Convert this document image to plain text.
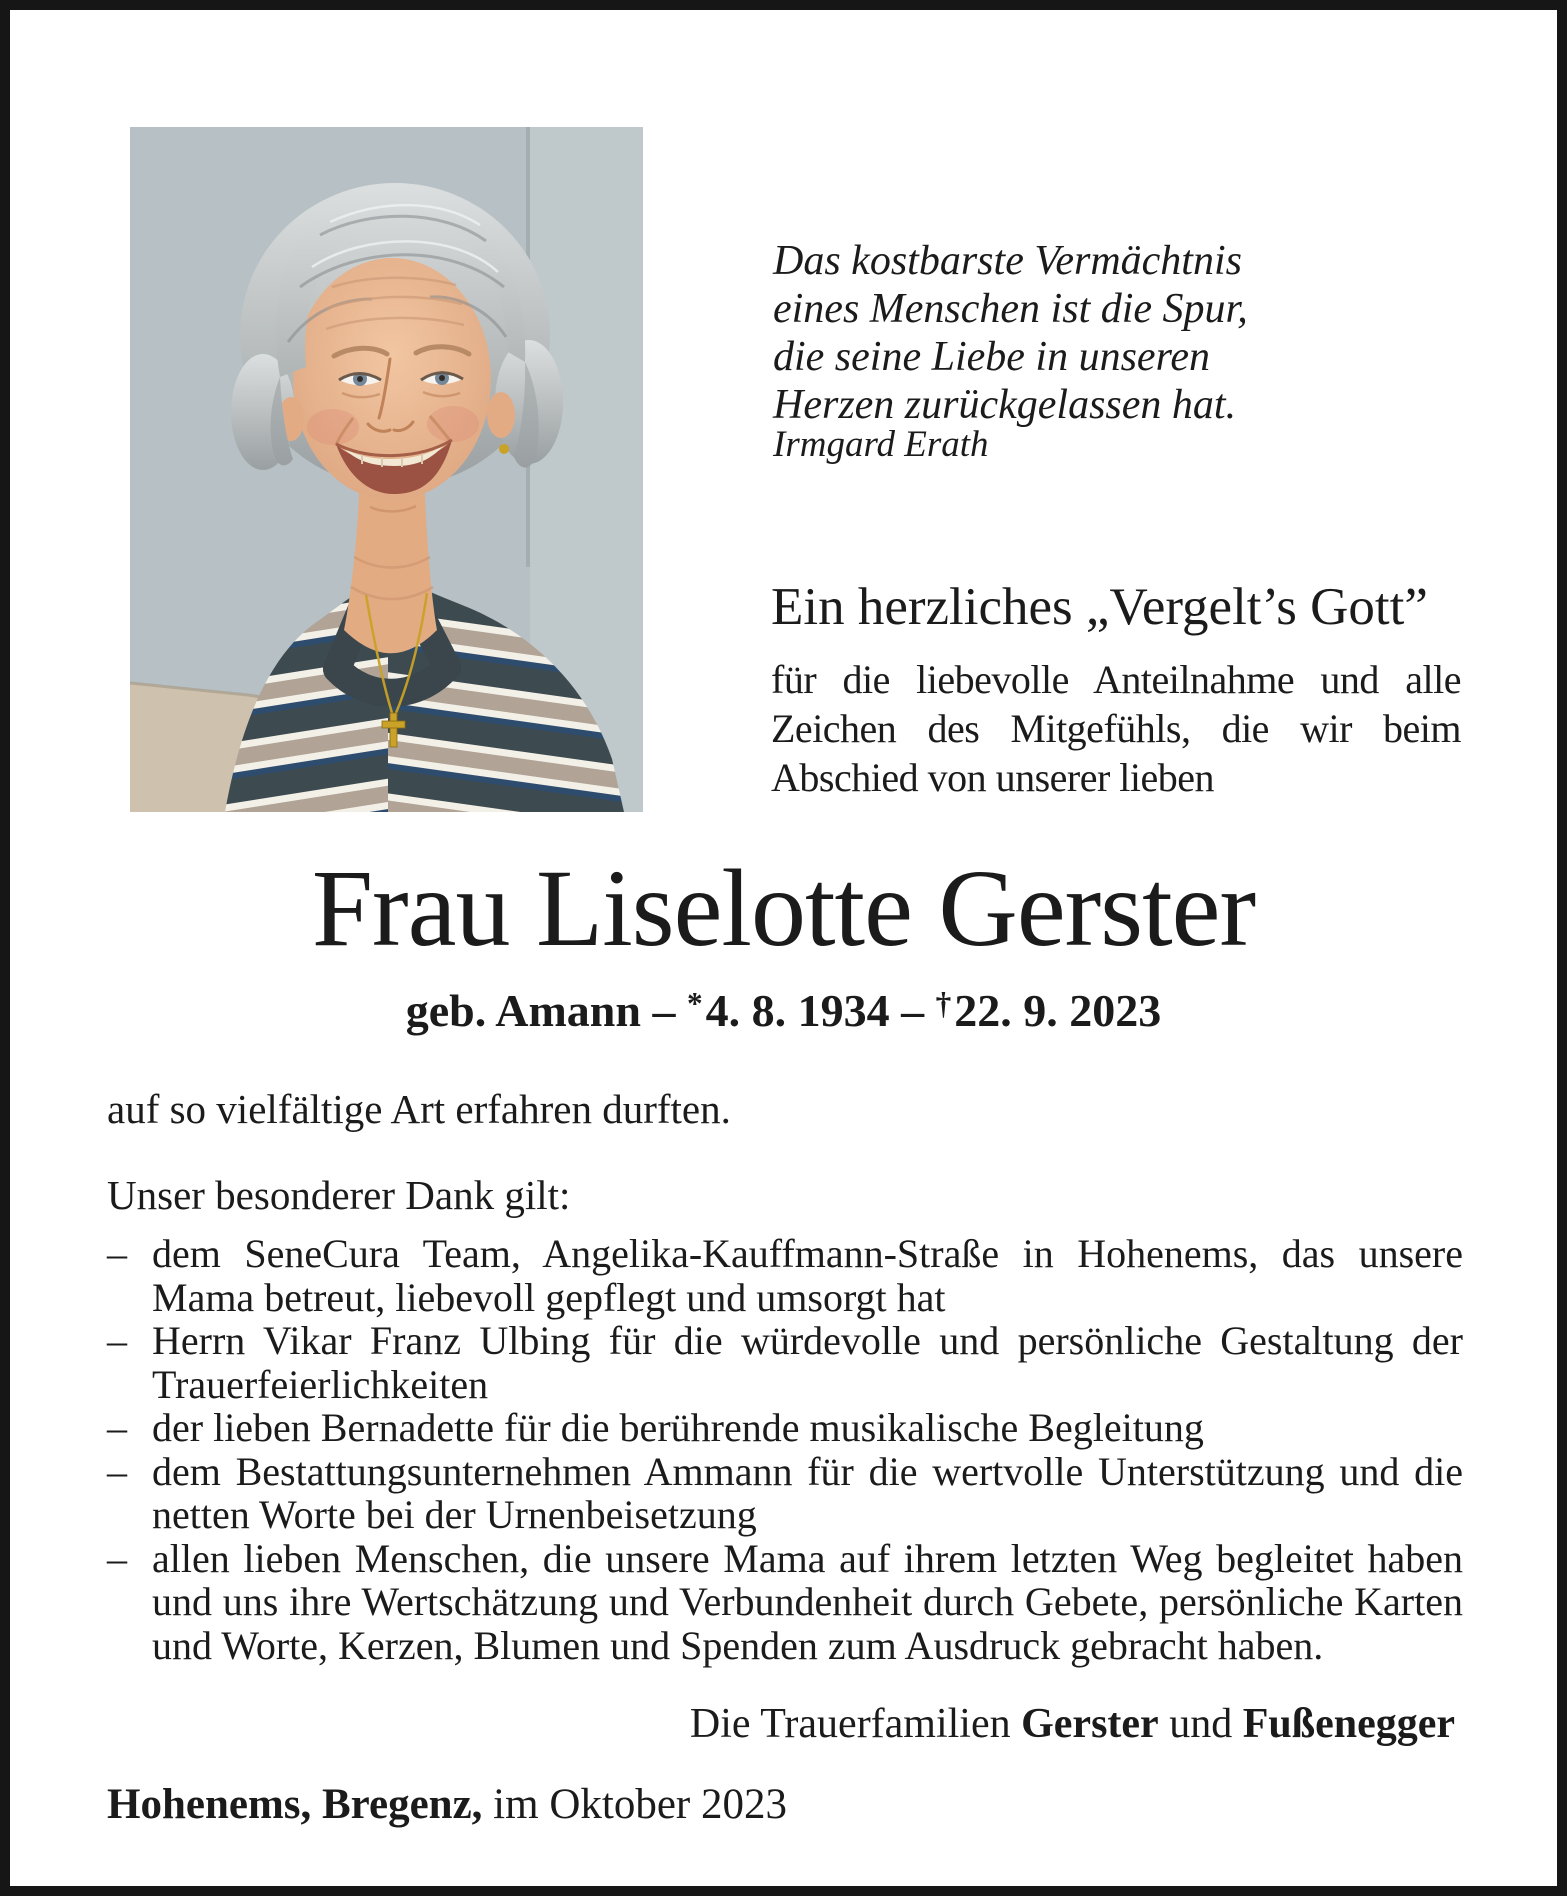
Das kostbarste Vermächtnis
eines Menschen ist die Spur,
die seine Liebe in unseren
Herzen zurückgelassen hat.
Irmgard Erath
Ein herzliches „Vergelt’s Gott”

für die liebevolle Anteilnahme und alle Zeichen des Mitgefühls, die wir beim Abschied von unserer lieben

Frau Liselotte Gerster

geb. Amann – *4. 8. 1934 – †22. 9. 2023

auf so vielfältige Art erfahren durften.

Unser besonderer Dank gilt:

– dem SeneCura Team, Angelika-Kauffmann-Straße in Hohenems, das unsere Mama betreut, liebevoll gepflegt und umsorgt hat
– Herrn Vikar Franz Ulbing für die würdevolle und persönliche Gestaltung der Trauerfeierlichkeiten
– der lieben Bernadette für die berührende musikalische Begleitung
– dem Bestattungsunternehmen Ammann für die wertvolle Unterstützung und die netten Worte bei der Urnenbeisetzung
– allen lieben Menschen, die unsere Mama auf ihrem letzten Weg begleitet haben und uns ihre Wertschätzung und Verbundenheit durch Gebete, persönliche Karten und Worte, Kerzen, Blumen und Spenden zum Ausdruck gebracht haben.

Die Trauerfamilien Gerster und Fußenegger

Hohenems, Bregenz, im Oktober 2023
